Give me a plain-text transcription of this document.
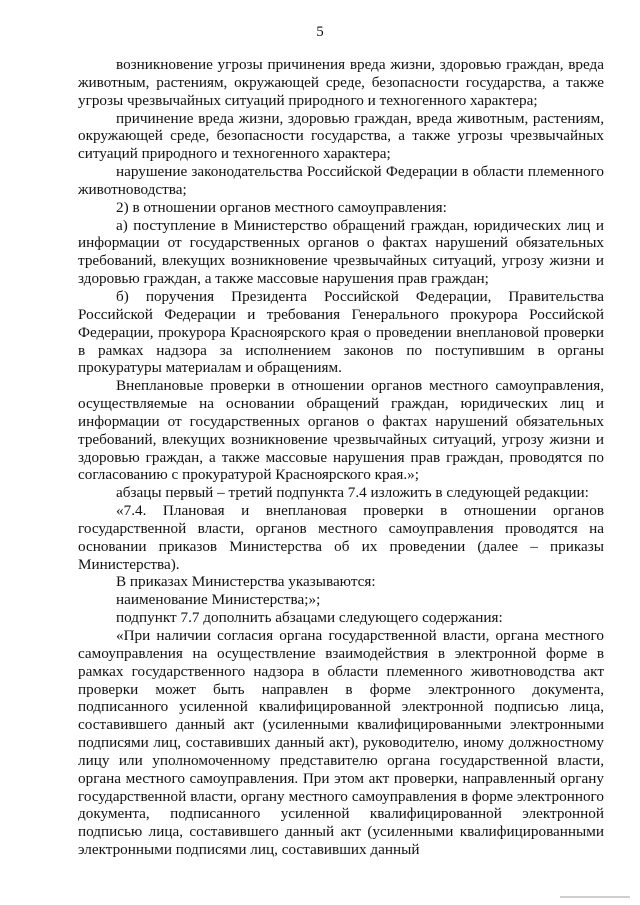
5

возникновение угрозы причинения вреда жизни, здоровью граждан, вреда животным, растениям, окружающей среде, безопасности государства, а также угрозы чрезвычайных ситуаций природного и техногенного характера;

причинение вреда жизни, здоровью граждан, вреда животным, растениям, окружающей среде, безопасности государства, а также угрозы чрезвычайных ситуаций природного и техногенного характера;

нарушение законодательства Российской Федерации в области племенного животноводства;

2) в отношении органов местного самоуправления:

а) поступление в Министерство обращений граждан, юридических лиц и информации от государственных органов о фактах нарушений обязательных требований, влекущих возникновение чрезвычайных ситуаций, угрозу жизни и здоровью граждан, а также массовые нарушения прав граждан;

б) поручения Президента Российской Федерации, Правительства Российской Федерации и требования Генерального прокурора Российской Федерации, прокурора Красноярского края о проведении внеплановой проверки в рамках надзора за исполнением законов по поступившим в органы прокуратуры материалам и обращениям.

Внеплановые проверки в отношении органов местного самоуправления, осуществляемые на основании обращений граждан, юридических лиц и информации от государственных органов о фактах нарушений обязательных требований, влекущих возникновение чрезвычайных ситуаций, угрозу жизни и здоровью граждан, а также массовые нарушения прав граждан, проводятся по согласованию с прокуратурой Красноярского края.»;

абзацы первый – третий подпункта 7.4 изложить в следующей редакции:

«7.4. Плановая и внеплановая проверки в отношении органов государственной власти, органов местного самоуправления проводятся на основании приказов Министерства об их проведении (далее – приказы Министерства).

В приказах Министерства указываются:

наименование Министерства;»;

подпункт 7.7 дополнить абзацами следующего содержания:

«При наличии согласия органа государственной власти, органа местного самоуправления на осуществление взаимодействия в электронной форме в рамках государственного надзора в области племенного животноводства акт проверки может быть направлен в форме электронного документа, подписанного усиленной квалифицированной электронной подписью лица, составившего данный акт (усиленными квалифицированными электронными подписями лиц, составивших данный акт), руководителю, иному должностному лицу или уполномоченному представителю органа государственной власти, органа местного самоуправления. При этом акт проверки, направленный органу государственной власти, органу местного самоуправления в форме электронного документа, подписанного усиленной квалифицированной электронной подписью лица, составившего данный акт (усиленными квалифицированными электронными подписями лиц, составивших данный
